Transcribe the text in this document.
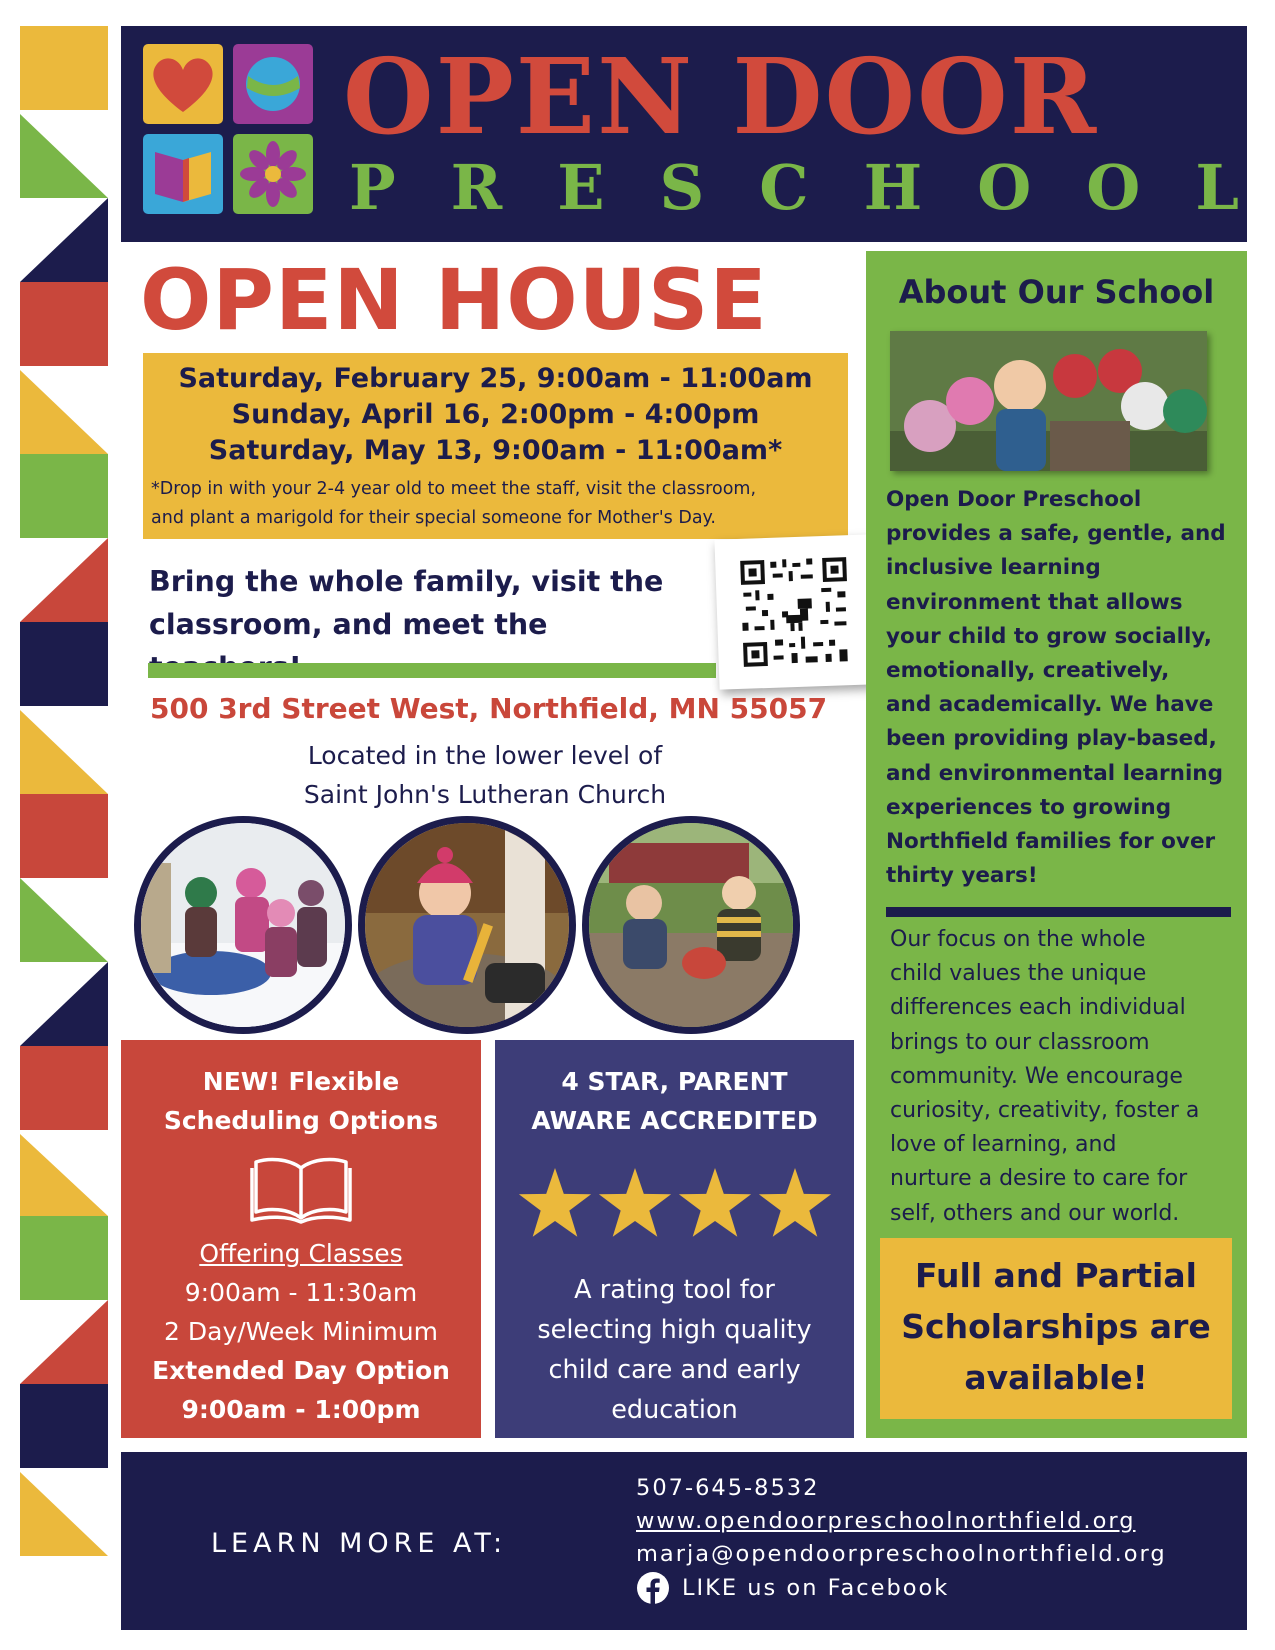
OPEN DOOR
P R E S C H O O L
OPEN HOUSE
Saturday, February 25, 9:00am - 11:00am
Sunday, April 16, 2:00pm - 4:00pm
Saturday, May 13, 9:00am - 11:00am*
*Drop in with your 2-4 year old to meet the staff, visit the classroom,
and plant a marigold for their special someone for Mother's Day.
Bring the whole family, visit the
classroom, and meet the
500 3rd Street West, Northfield, MN 55057
Located in the lower level of
Saint John's Lutheran Church
NEW! Flexible
Scheduling Options
Offering Classes
9:00am - 11:30am
2 Day/Week Minimum
Extended Day Option
9:00am - 1:00pm
4 STAR, PARENT
AWARE ACCREDITED
A rating tool for
selecting high quality
child care and early
education
About Our School
Open Door Preschool
provides a safe, gentle, and
inclusive learning
environment that allows
your child to grow socially,
emotionally, creatively,
and academically. We have
been providing play-based,
and environmental learning
experiences to growing
Northfield families for over
thirty years!
Our focus on the whole
child values the unique
differences each individual
brings to our classroom
community. We encourage
curiosity, creativity, foster a
love of learning, and
nurture a desire to care for
self, others and our world.
Full and Partial
Scholarships are
available!
LEARN MORE AT:
507-645-8532
www.opendoorpreschoolnorthfield.org
marja@opendoorpreschoolnorthfield.org
LIKE us on Facebook
